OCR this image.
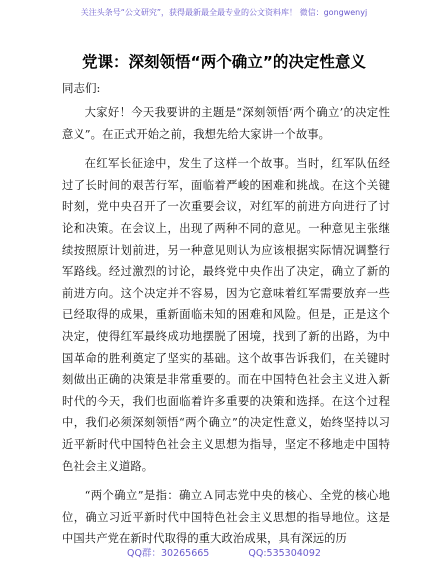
关注头条号“公文研究”，获得最新最全最专业的公文资料库！ 微信：gongwenyj
党课：深刻领悟“两个确立”的决定性意义
同志们:

大家好！今天我要讲的主题是“深刻领悟‘两个确立’的决定性意义”。在正式开始之前，我想先给大家讲一个故事。

在红军长征途中，发生了这样一个故事。当时，红军队伍经过了长时间的艰苦行军，面临着严峻的困难和挑战。在这个关键时刻，党中央召开了一次重要会议，对红军的前进方向进行了讨论和决策。在会议上，出现了两种不同的意见。一种意见主张继续按照原计划前进，另一种意见则认为应该根据实际情况调整行军路线。经过激烈的讨论，最终党中央作出了决定，确立了新的前进方向。这个决定并不容易，因为它意味着红军需要放弃一些已经取得的成果，重新面临未知的困难和风险。但是，正是这个决定，使得红军最终成功地摆脱了困境，找到了新的出路，为中国革命的胜利奠定了坚实的基础。这个故事告诉我们，在关键时刻做出正确的决策是非常重要的。而在中国特色社会主义进入新时代的今天，我们也面临着许多重要的决策和选择。在这个过程中，我们必须深刻领悟“两个确立”的决定性意义，始终坚持以习近平新时代中国特色社会主义思想为指导，坚定不移地走中国特色社会主义道路。

“两个确立”是指：确立Ａ同志党中央的核心、全党的核心地位，确立习近平新时代中国特色社会主义思想的指导地位。这是中国共产党在新时代取得的重大政治成果，具有深远的历

QQ群：30265665	QQ:535304092
